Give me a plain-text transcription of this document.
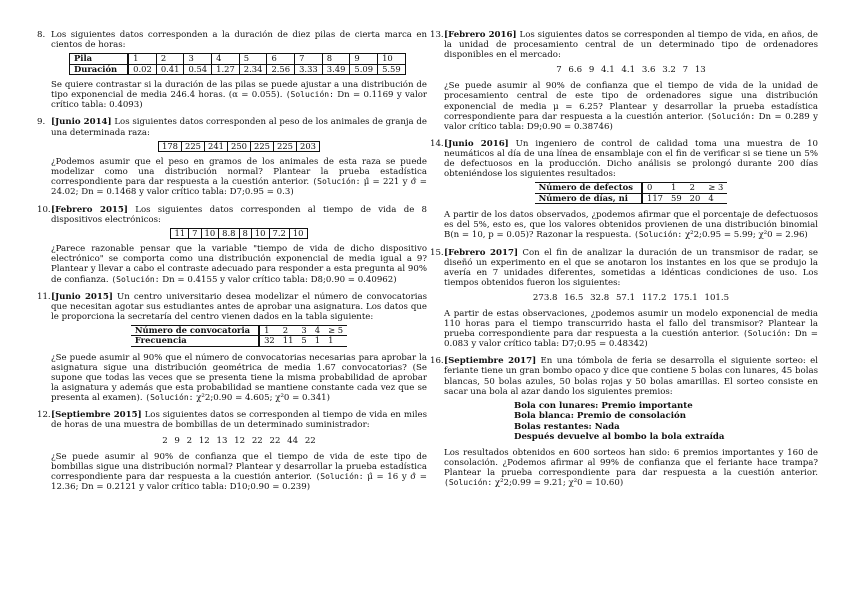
8. Los siguientes datos corresponden a la duración de diez pilas de cierta marca en cientos de horas:

Pila	1	2	3	4	5	6	7	8	9	10
Duración	0.02	0.41	0.54	1.27	2.34	2.56	3.33	3.49	5.09	5.59

Se quiere contrastar si la duración de las pilas se puede ajustar a una distribución de tipo exponencial de media 246.4 horas. (α = 0.055). (Solución: Dn = 0.1169 y valor crítico tabla: 0.4093)

9. [Junio 2014] Los siguientes datos corresponden al peso de los animales de granja de una determinada raza:

178	225	241	250	225	225	203

¿Podemos asumir que el peso en gramos de los animales de esta raza se puede modelizar como una distribución normal? Plantear la prueba estadística correspondiente para dar respuesta a la cuestión anterior. (Solución: μ̂ = 221 y σ̂ = 24.02; Dn = 0.1468 y valor crítico tabla: D7;0.95 = 0.3)

10. [Febrero 2015] Los siguientes datos corresponden al tiempo de vida de 8 dispositivos electrónicos:

11	7	10	8.8	8	10	7.2	10

¿Parece razonable pensar que la variable "tiempo de vida de dicho dispositivo electrónico" se comporta como una distribución exponencial de media igual a 9? Plantear y llevar a cabo el contraste adecuado para responder a esta pregunta al 90% de confianza. (Solución: Dn = 0.4155 y valor crítico tabla: D8;0.90 = 0.40962)

11. [Junio 2015] Un centro universitario desea modelizar el número de convocatorias que necesitan agotar sus estudiantes antes de aprobar una asignatura. Los datos que le proporciona la secretaría del centro vienen dados en la tabla siguiente:

Número de convocatoria	1	2	3	4	≥ 5
Frecuencia	32	11	5	1	1

¿Se puede asumir al 90% que el número de convocatorias necesarias para aprobar la asignatura sigue una distribución geométrica de media 1.67 convocatorias? (Se supone que todas las veces que se presenta tiene la misma probabilidad de aprobar la asignatura y además que esta probabilidad se mantiene constante cada vez que se presenta al examen). (Solución: χ²2;0.90 = 4.605; χ²0 = 0.341)

12. [Septiembre 2015] Los siguientes datos se corresponden al tiempo de vida en miles de horas de una muestra de bombillas de un determinado suministrador:

2 9 2 12 13 12 22 22 44 22

¿Se puede asumir al 90% de confianza que el tiempo de vida de este tipo de bombillas sigue una distribución normal? Plantear y desarrollar la prueba estadística correspondiente para dar respuesta a la cuestión anterior. (Solución: μ̂ = 16 y σ̂ = 12.36; Dn = 0.2121 y valor crítico tabla: D10;0.90 = 0.239)

13. [Febrero 2016] Los siguientes datos se corresponden al tiempo de vida, en años, de la unidad de procesamiento central de un determinado tipo de ordenadores disponibles en el mercado:

7 6.6 9 4.1 4.1 3.6 3.2 7 13

¿Se puede asumir al 90% de confianza que el tiempo de vida de la unidad de procesamiento central de este tipo de ordenadores sigue una distribución exponencial de media μ = 6.25? Plantear y desarrollar la prueba estadística correspondiente para dar respuesta a la cuestión anterior. (Solución: Dn = 0.289 y valor crítico tabla: D9;0.90 = 0.38746)

14. [Junio 2016] Un ingeniero de control de calidad toma una muestra de 10 neumáticos al día de una línea de ensamblaje con el fin de verificar si se tiene un 5% de defectuosos en la producción. Dicho análisis se prolongó durante 200 días obteniéndose los siguientes resultados:

Número de defectos	0	1	2	≥ 3
Número de días, ni	117	59	20	4

A partir de los datos observados, ¿podemos afirmar que el porcentaje de defectuosos es del 5%, esto es, que los valores obtenidos provienen de una distribución binomial B(n = 10, p = 0.05)? Razonar la respuesta. (Solución: χ²2;0.95 = 5.99; χ²0 = 2.96)

15. [Febrero 2017] Con el fin de analizar la duración de un transmisor de radar, se diseñó un experimento en el que se anotaron los instantes en los que se produjo la avería en 7 unidades diferentes, sometidas a idénticas condiciones de uso. Los tiempos obtenidos fueron los siguientes:

273.8 16.5 32.8 57.1 117.2 175.1 101.5

A partir de estas observaciones, ¿podemos asumir un modelo exponencial de media 110 horas para el tiempo transcurrido hasta el fallo del transmisor? Plantear la prueba correspondiente para dar respuesta a la cuestión anterior. (Solución: Dn = 0.083 y valor crítico tabla: D7;0.95 = 0.48342)

16. [Septiembre 2017] En una tómbola de feria se desarrolla el siguiente sorteo: el feriante tiene un gran bombo opaco y dice que contiene 5 bolas con lunares, 45 bolas blancas, 50 bolas azules, 50 bolas rojas y 50 bolas amarillas. El sorteo consiste en sacar una bola al azar dando los siguientes premios:

Bola con lunares: Premio importante
Bola blanca: Premio de consolación
Bolas restantes: Nada
Después devuelve al bombo la bola extraída

Los resultados obtenidos en 600 sorteos han sido: 6 premios importantes y 160 de consolación. ¿Podemos afirmar al 99% de confianza que el feriante hace trampa? Plantear la prueba correspondiente para dar respuesta a la cuestión anterior. (Solución: χ²2;0.99 = 9.21; χ²0 = 10.60)
